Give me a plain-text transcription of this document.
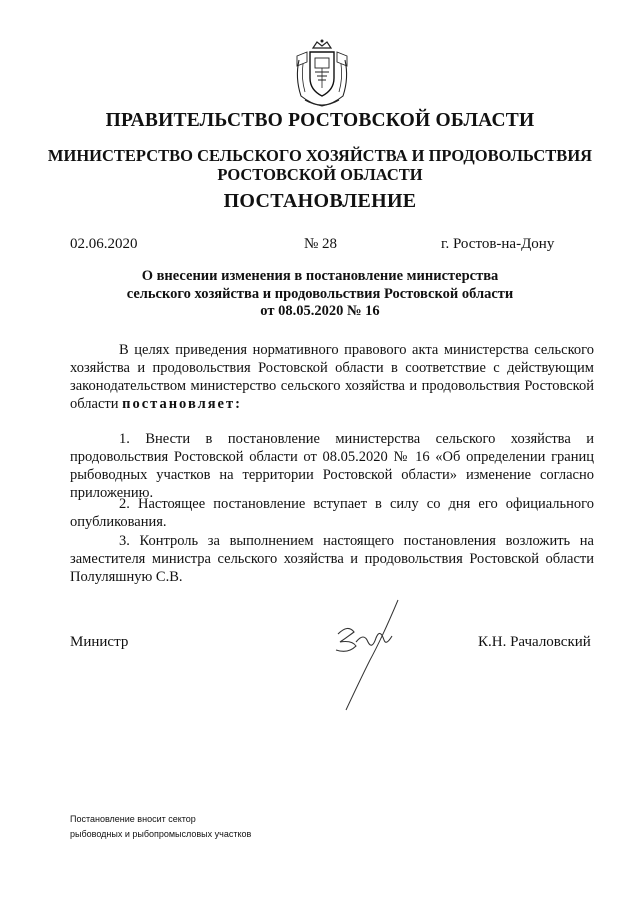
ПРАВИТЕЛЬСТВО РОСТОВСКОЙ ОБЛАСТИ
МИНИСТЕРСТВО СЕЛЬСКОГО ХОЗЯЙСТВА И ПРОДОВОЛЬСТВИЯ
РОСТОВСКОЙ ОБЛАСТИ
ПОСТАНОВЛЕНИЕ
02.06.2020	№ 28	г. Ростов-на-Дону
О внесении изменения в постановление министерства
сельского хозяйства и продовольствия Ростовской области
от 08.05.2020 № 16
В целях приведения нормативного правового акта министерства сельского хозяйства и продовольствия Ростовской области в соответствие с действующим законодательством министерство сельского хозяйства и продовольствия Ростовской области постановляет:
1. Внести в постановление министерства сельского хозяйства и продовольствия Ростовской области от 08.05.2020 № 16 «Об определении границ рыбоводных участков на территории Ростовской области» изменение согласно приложению.
2. Настоящее постановление вступает в силу со дня его официального опубликования.
3. Контроль за выполнением настоящего постановления возложить на заместителя министра сельского хозяйства и продовольствия Ростовской области Полуляшную С.В.
Министр	К.Н. Рачаловский
Постановление вносит сектор
рыбоводных и рыбопромысловых участков
